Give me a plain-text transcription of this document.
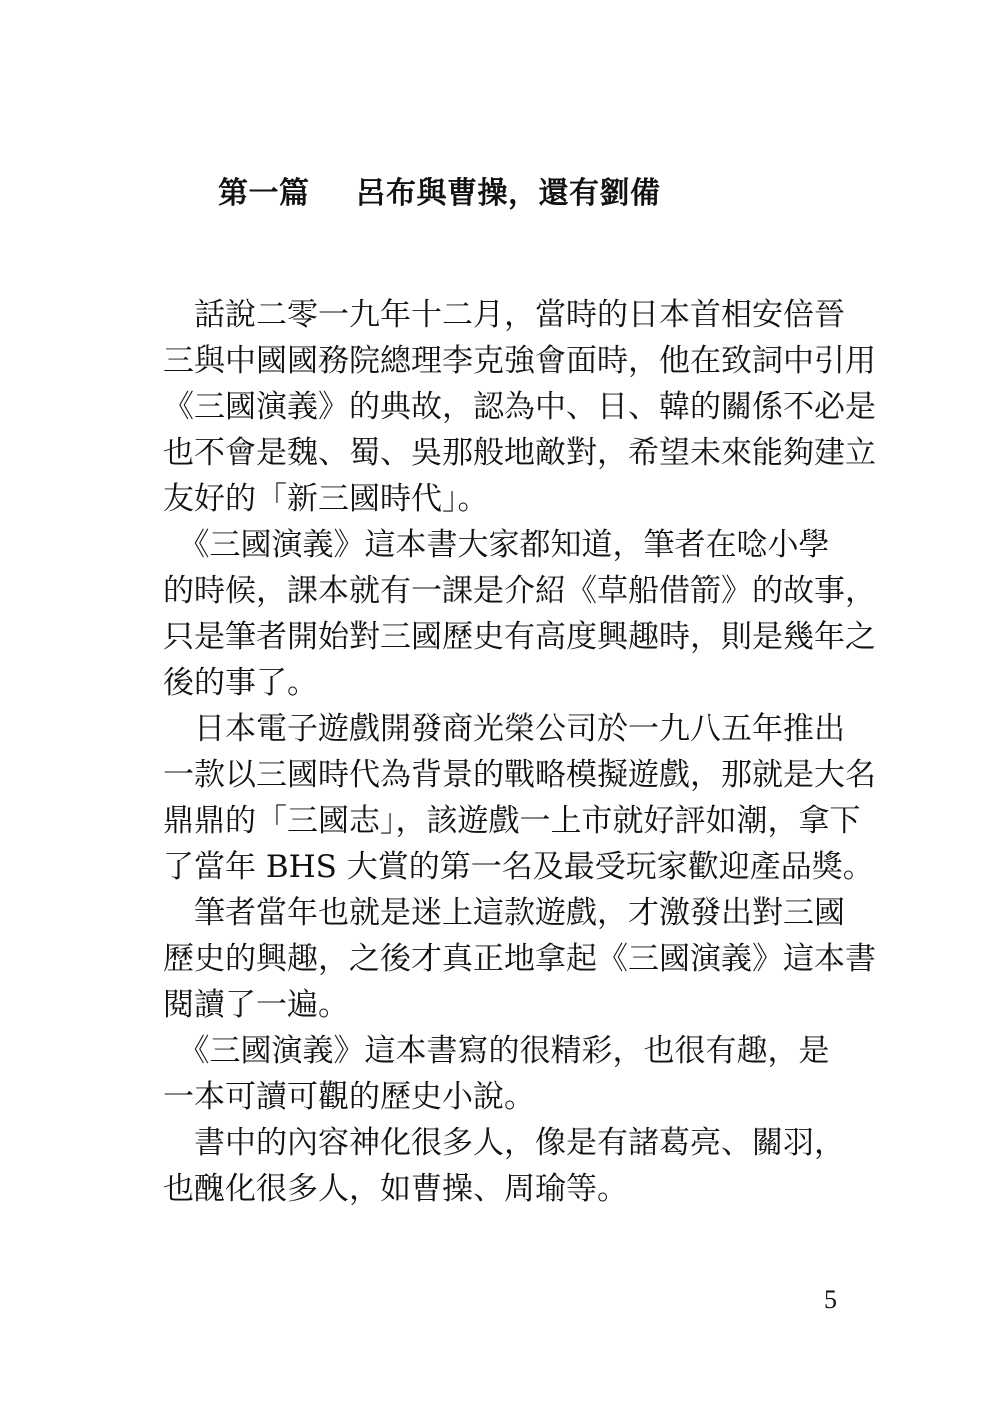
第一篇 呂布與曹操，還有劉備

　話說二零一九年十二月，當時的日本首相安倍晉
三與中國國務院總理李克強會面時，他在致詞中引用
《三國演義》的典故，認為中、日、韓的關係不必是
也不會是魏、蜀、吳那般地敵對，希望未來能夠建立
友好的「新三國時代」。

　《三國演義》這本書大家都知道，筆者在唸小學
的時候，課本就有一課是介紹《草船借箭》的故事，
只是筆者開始對三國歷史有高度興趣時，則是幾年之
後的事了。

　日本電子遊戲開發商光榮公司於一九八五年推出
一款以三國時代為背景的戰略模擬遊戲，那就是大名
鼎鼎的「三國志」，該遊戲一上市就好評如潮，拿下
了當年 BHS 大賞的第一名及最受玩家歡迎產品獎。

　筆者當年也就是迷上這款遊戲，才激發出對三國
歷史的興趣，之後才真正地拿起《三國演義》這本書
閱讀了一遍。

　《三國演義》這本書寫的很精彩，也很有趣，是
一本可讀可觀的歷史小說。

　書中的內容神化很多人，像是有諸葛亮、關羽，
也醜化很多人，如曹操、周瑜等。

5
